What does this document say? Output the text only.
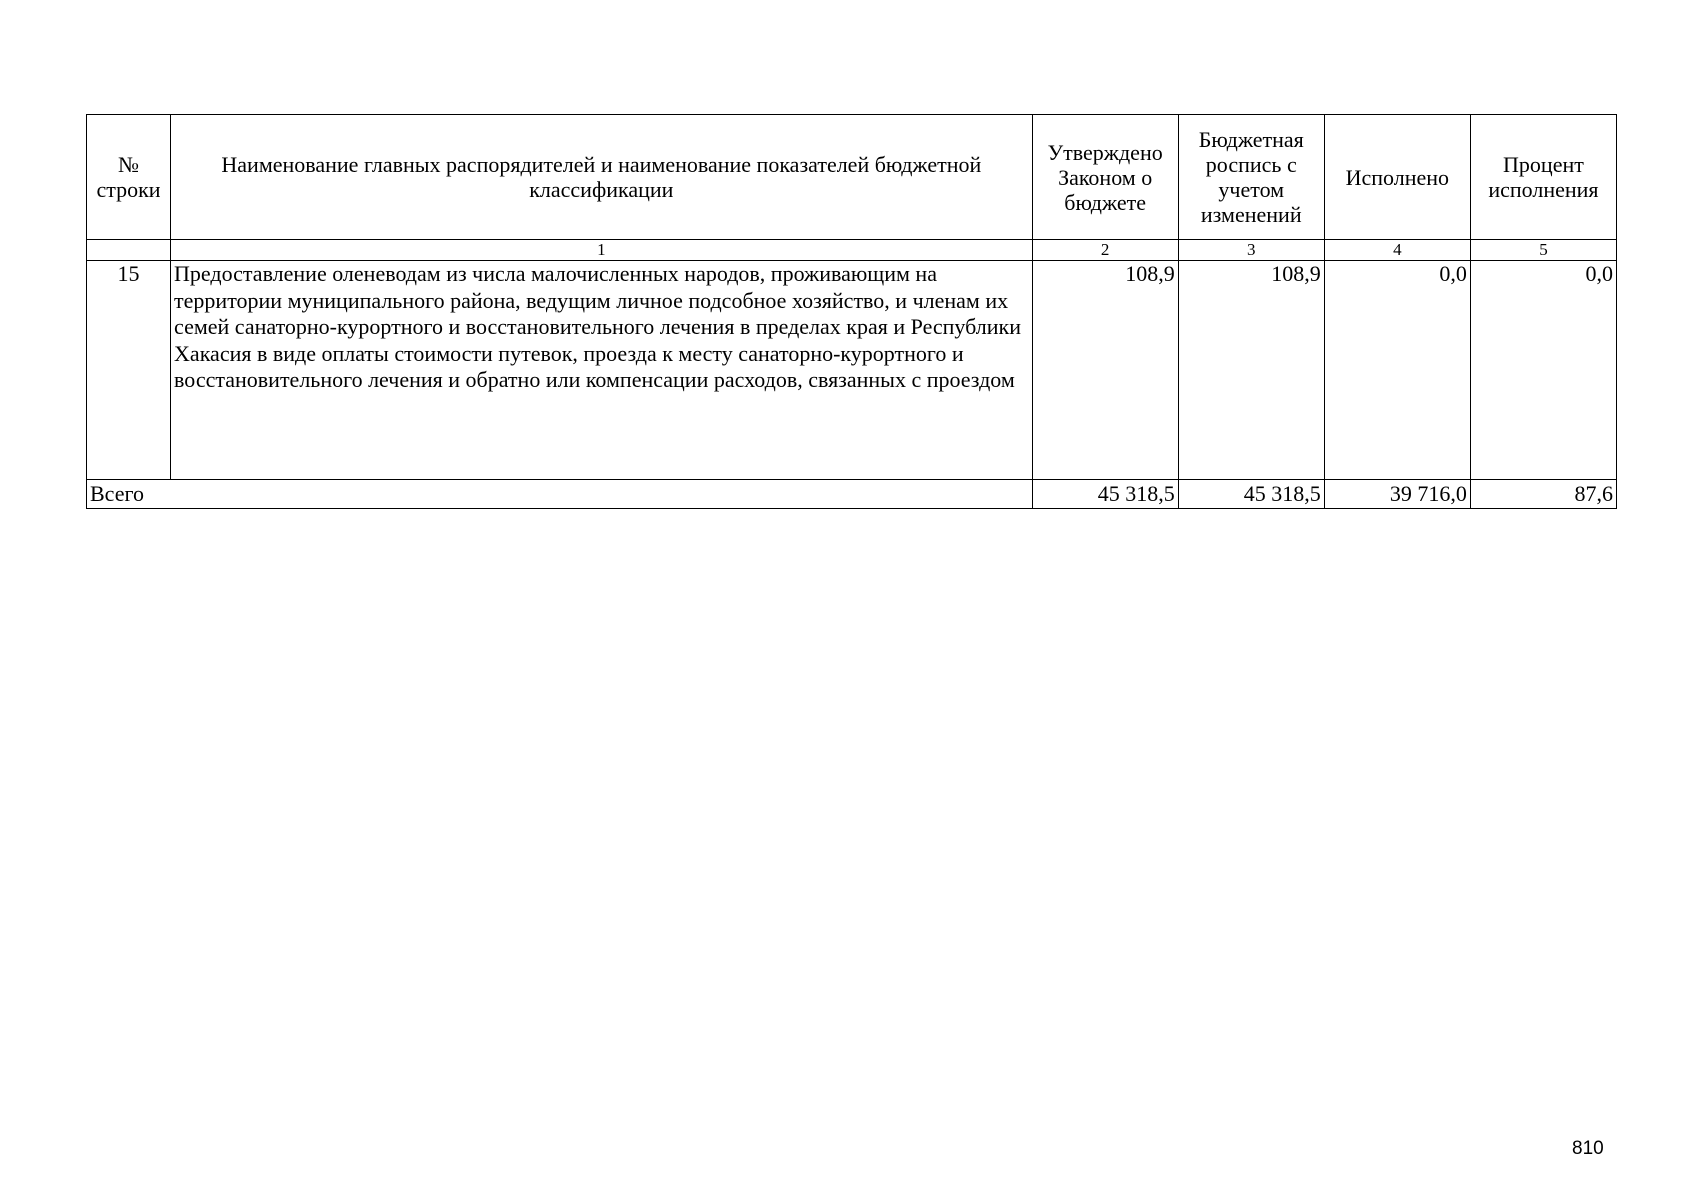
№ строки	Наименование главных распорядителей и наименование показателей бюджетной классификации	Утверждено Законом о бюджете	Бюджетная роспись с учетом изменений	Исполнено	Процент исполнения
	1	2	3	4	5
15	Предоставление оленеводам из числа малочисленных народов, проживающим на территории муниципального района, ведущим личное подсобное хозяйство, и членам их семей санаторно-курортного и восстановительного лечения в пределах края и Республики Хакасия в виде оплаты стоимости путевок, проезда к месту санаторно-курортного и восстановительного лечения и обратно или компенсации расходов, связанных с проездом	108,9	108,9	0,0	0,0
Всего		45 318,5	45 318,5	39 716,0	87,6
810
